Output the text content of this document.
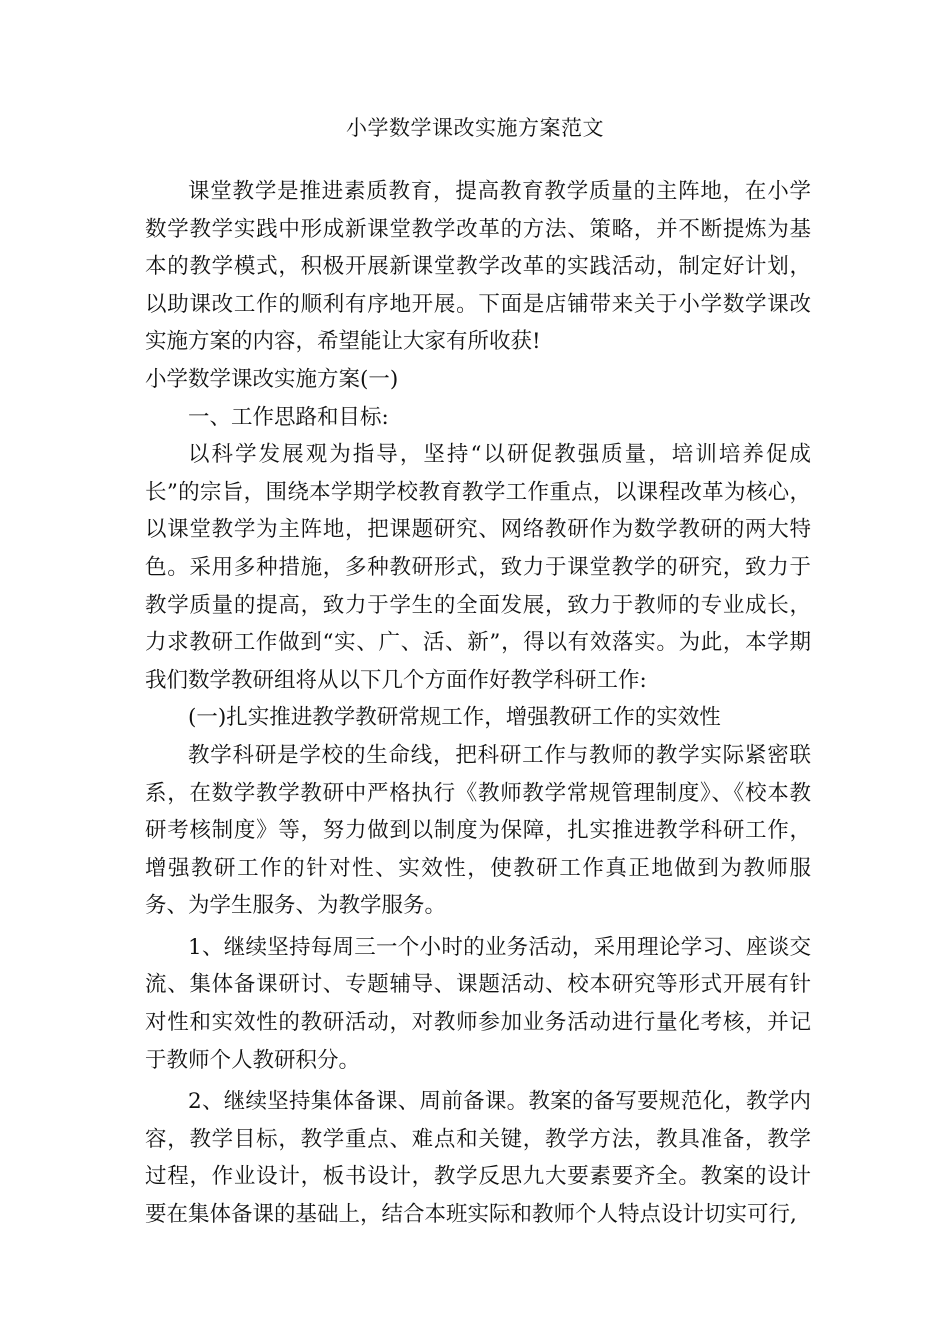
小学数学课改实施方案范文

课堂教学是推进素质教育，提高教育教学质量的主阵地，在小学数学教学实践中形成新课堂教学改革的方法、策略，并不断提炼为基本的教学模式，积极开展新课堂教学改革的实践活动，制定好计划，以助课改工作的顺利有序地开展。下面是店铺带来关于小学数学课改实施方案的内容，希望能让大家有所收获!

小学数学课改实施方案(一)

一、工作思路和目标:

以科学发展观为指导，坚持“以研促教强质量，培训培养促成长”的宗旨，围绕本学期学校教育教学工作重点，以课程改革为核心， 以课堂教学为主阵地，把课题研究、网络教研作为数学教研的两大特色。采用多种措施，多种教研形式，致力于课堂教学的研究，致力于教学质量的提高，致力于学生的全面发展，致力于教师的专业成长，力求教研工作做到“实、广、活、新”，得以有效落实。为此，本学期我们数学教研组将从以下几个方面作好教学科研工作:

(一)扎实推进教学教研常规工作，增强教研工作的实效性

教学科研是学校的生命线，把科研工作与教师的教学实际紧密联系，在数学教学教研中严格执行《教师教学常规管理制度》、《校本教研考核制度》等，努力做到以制度为保障，扎实推进教学科研工作，增强教研工作的针对性、实效性，使教研工作真正地做到为教师服务、为学生服务、为教学服务。

1、继续坚持每周三一个小时的业务活动，采用理论学习、座谈交流、集体备课研讨、专题辅导、课题活动、校本研究等形式开展有针对性和实效性的教研活动，对教师参加业务活动进行量化考核，并记于教师个人教研积分。

2、继续坚持集体备课、周前备课。教案的备写要规范化，教学内容，教学目标，教学重点、难点和关键，教学方法，教具准备，教学过程，作业设计，板书设计，教学反思九大要素要齐全。教案的设计要在集体备课的基础上，结合本班实际和教师个人特点设计切实可行,
